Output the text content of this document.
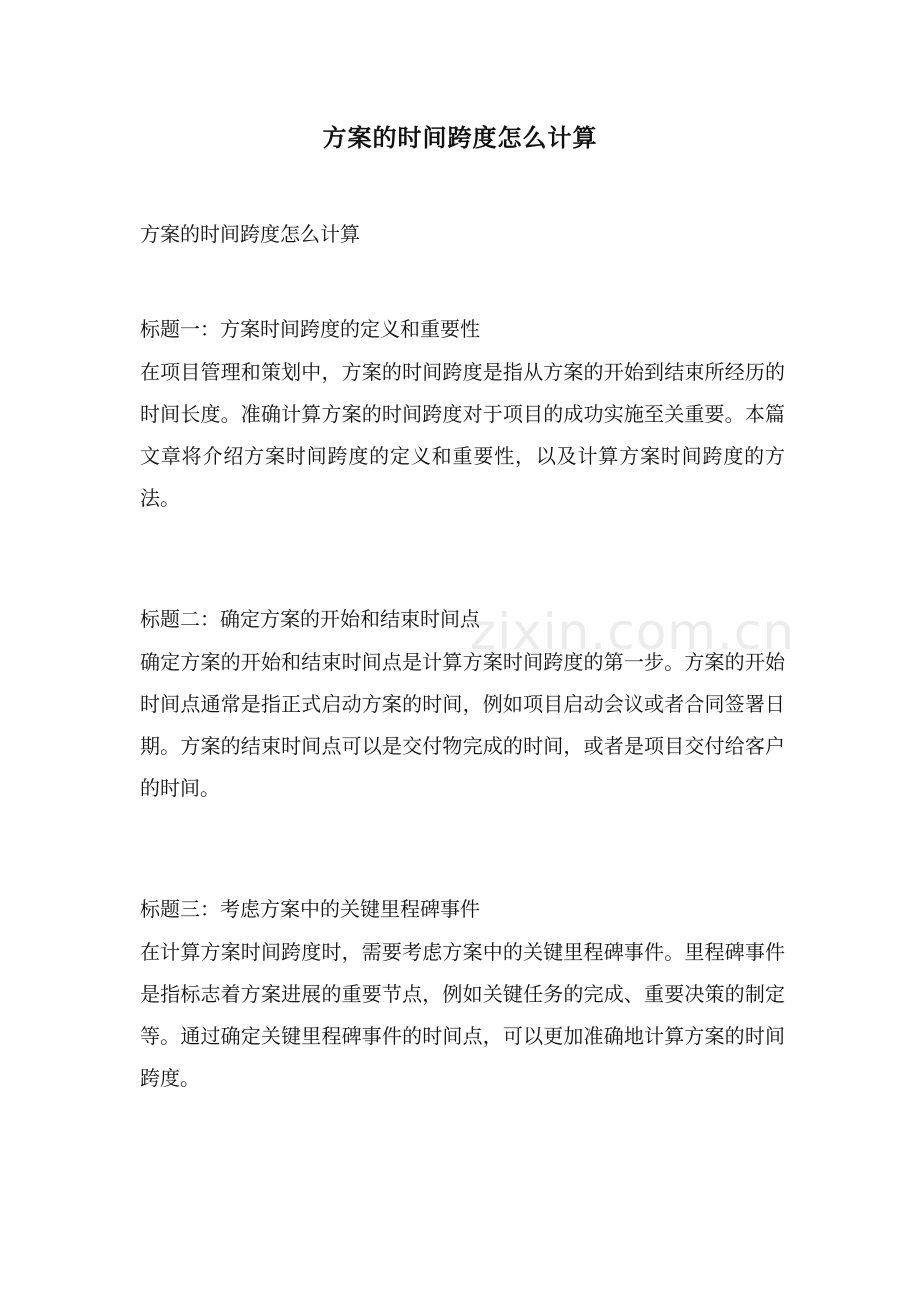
方案的时间跨度怎么计算
方案的时间跨度怎么计算

标题一：方案时间跨度的定义和重要性

在项目管理和策划中，方案的时间跨度是指从方案的开始到结束所经历的时间长度。准确计算方案的时间跨度对于项目的成功实施至关重要。本篇文章将介绍方案时间跨度的定义和重要性，以及计算方案时间跨度的方法。

标题二：确定方案的开始和结束时间点

确定方案的开始和结束时间点是计算方案时间跨度的第一步。方案的开始时间点通常是指正式启动方案的时间，例如项目启动会议或者合同签署日期。方案的结束时间点可以是交付物完成的时间，或者是项目交付给客户的时间。

标题三：考虑方案中的关键里程碑事件

在计算方案时间跨度时，需要考虑方案中的关键里程碑事件。里程碑事件是指标志着方案进展的重要节点，例如关键任务的完成、重要决策的制定等。通过确定关键里程碑事件的时间点，可以更加准确地计算方案的时间跨度。

zixin.com.cn
